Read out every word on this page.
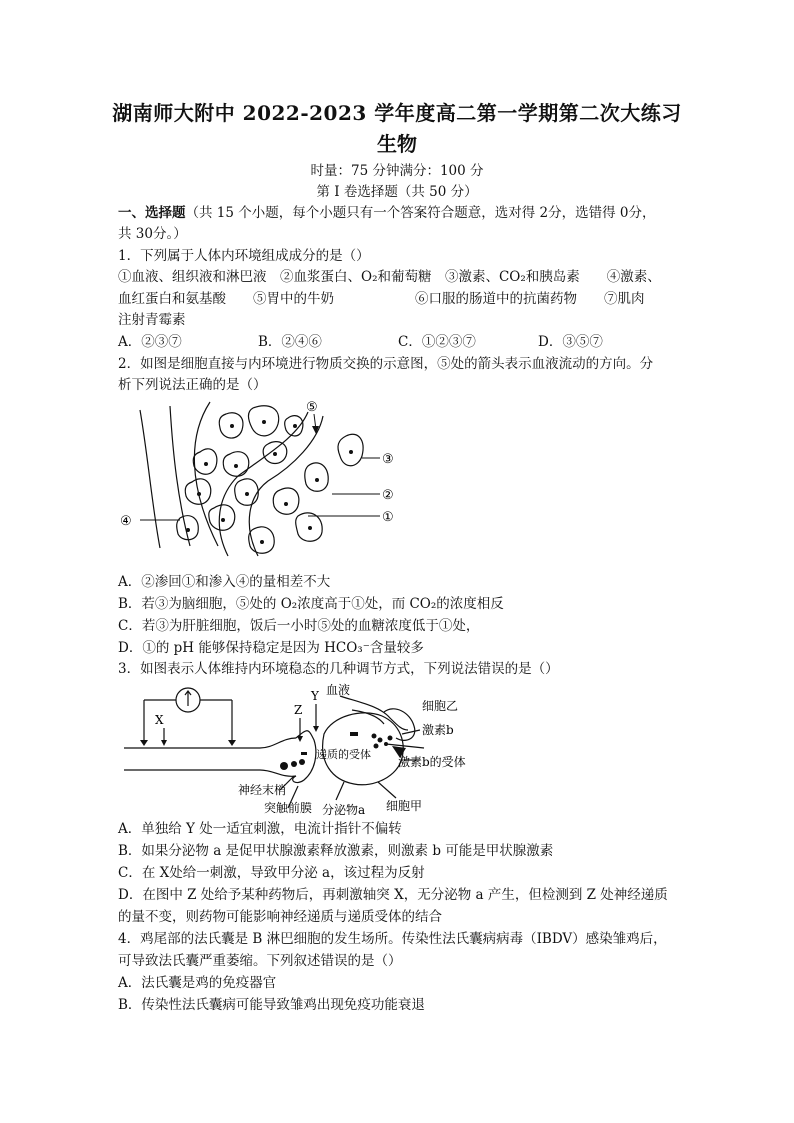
湖南师大附中 2022-2023 学年度高二第一学期第二次大练习
生物
时量：75 分钟满分：100 分
第 I 卷选择题（共 50 分）
一、选择题（共 15 个小题，每个小题只有一个答案符合题意，选对得 2分，选错得 0分，
共 30分。）
1．下列属于人体内环境组成成分的是（）
①血液、组织液和淋巴液　②血浆蛋白、O₂和葡萄糖　③激素、CO₂和胰岛素　　④激素、
血红蛋白和氨基酸　　⑤胃中的牛奶　　　　　　⑥口服的肠道中的抗菌药物　　⑦肌肉
注射青霉素
A．②③⑦	B．②④⑥	C．①②③⑦	D．③⑤⑦
2．如图是细胞直接与内环境进行物质交换的示意图，⑤处的箭头表示血液流动的方向。分
析下列说法正确的是（）
⑤
③
②
①
④
A．②渗回①和渗入④的量相差不大
B．若③为脑细胞，⑤处的 O₂浓度高于①处，而 CO₂的浓度相反
C．若③为肝脏细胞，饭后一小时⑤处的血糖浓度低于①处，
D．①的 pH 能够保持稳定是因为 HCO₃⁻含量较多
3．如图表示人体维持内环境稳态的几种调节方式，下列说法错误的是（）
X
Y
Z
血液
细胞乙
激素b
递质的受体
激素b的受体
神经末梢
突触前膜 分泌物a 细胞甲
A．单独给 Y 处一适宜刺激，电流计指针不偏转
B．如果分泌物 a 是促甲状腺激素释放激素，则激素 b 可能是甲状腺激素
C．在 X处给一刺激，导致甲分泌 a，该过程为反射
D．在图中 Z 处给予某种药物后，再刺激轴突 X，无分泌物 a 产生，但检测到 Z 处神经递质
的量不变，则药物可能影响神经递质与递质受体的结合
4．鸡尾部的法氏囊是 B 淋巴细胞的发生场所。传染性法氏囊病病毒（IBDV）感染雏鸡后，
可导致法氏囊严重萎缩。下列叙述错误的是（）
A．法氏囊是鸡的免疫器官
B．传染性法氏囊病可能导致雏鸡出现免疫功能衰退
